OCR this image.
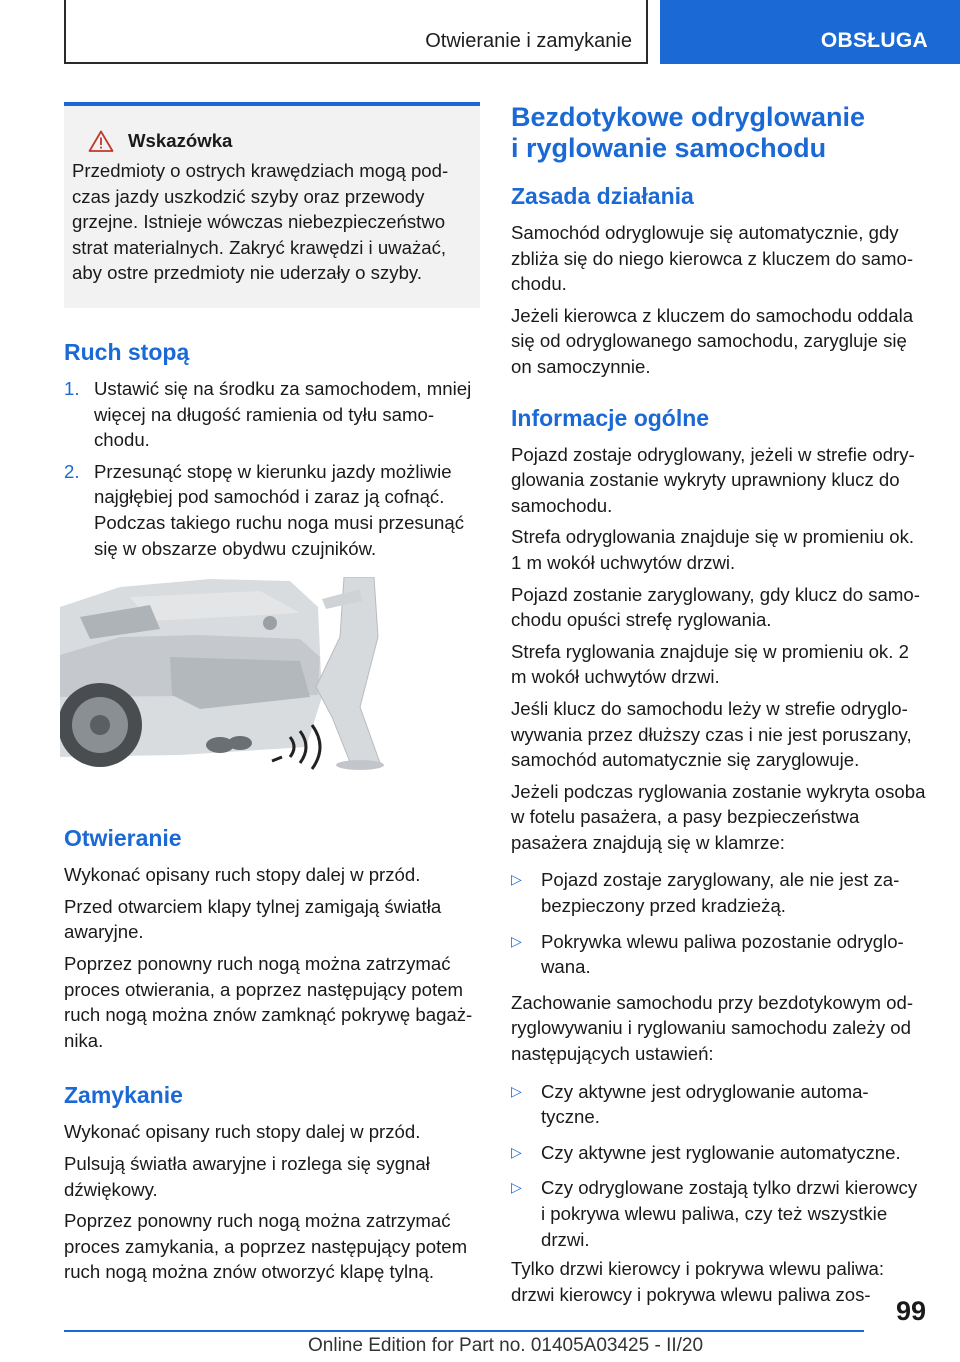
Otwieranie i zamykanie	OBSŁUGA
Wskazówka

Przedmioty o ostrych krawędziach mogą pod- czas jazdy uszkodzić szyby oraz przewody grzejne. Istnieje wówczas niebezpieczeństwo strat materialnych. Zakryć krawędzi i uważać, aby ostre przedmioty nie uderzały o szyby.

Ruch stopą
1. Ustawić się na środku za samochodem, mniej więcej na długość ramienia od tyłu samo- chodu.
2. Przesunąć stopę w kierunku jazdy możliwie najgłębiej pod samochód i zaraz ją cofnąć. Podczas takiego ruchu noga musi przesunąć się w obszarze obydwu czujników.
Otwieranie

Wykonać opisany ruch stopy dalej w przód.

Przed otwarciem klapy tylnej zamigają światła awaryjne.

Poprzez ponowny ruch nogą można zatrzymać proces otwierania, a poprzez następujący potem ruch nogą można znów zamknąć pokrywę bagaż- nika.

Zamykanie

Wykonać opisany ruch stopy dalej w przód.

Pulsują światła awaryjne i rozlega się sygnał dźwiękowy.

Poprzez ponowny ruch nogą można zatrzymać proces zamykania, a poprzez następujący potem ruch nogą można znów otworzyć klapę tylną.

Bezdotykowe odryglowanie i ryglowanie samochodu
Zasada działania

Samochód odryglowuje się automatycznie, gdy zbliża się do niego kierowca z kluczem do samo- chodu.

Jeżeli kierowca z kluczem do samochodu oddala się od odryglowanego samochodu, zarygluje się on samoczynnie.

Informacje ogólne

Pojazd zostaje odryglowany, jeżeli w strefie odry- glowania zostanie wykryty uprawniony klucz do samochodu.

Strefa odryglowania znajduje się w promieniu ok. 1 m wokół uchwytów drzwi.

Pojazd zostanie zaryglowany, gdy klucz do samo- chodu opuści strefę ryglowania.

Strefa ryglowania znajduje się w promieniu ok. 2 m wokół uchwytów drzwi.

Jeśli klucz do samochodu leży w strefie odryglo- wywania przez dłuższy czas i nie jest poruszany, samochód automatycznie się zaryglowuje.

Jeżeli podczas ryglowania zostanie wykryta osoba w fotelu pasażera, a pasy bezpieczeństwa pasażera znajdują się w klamrze:

▷	Pojazd zostaje zaryglowany, ale nie jest za- bezpieczony przed kradzieżą.
▷	Pokrywka wlewu paliwa pozostanie odryglo- wana.

Zachowanie samochodu przy bezdotykowym od- ryglowywaniu i ryglowaniu samochodu zależy od następujących ustawień:

▷	Czy aktywne jest odryglowanie automa- tyczne.
▷	Czy aktywne jest ryglowanie automatyczne.
▷	Czy odryglowane zostają tylko drzwi kierowcy i pokrywa wlewu paliwa, czy też wszystkie drzwi.

Tylko drzwi kierowcy i pokrywa wlewu paliwa: drzwi kierowcy i pokrywa wlewu paliwa zos-

99
Online Edition for Part no. 01405A03425 - II/20
